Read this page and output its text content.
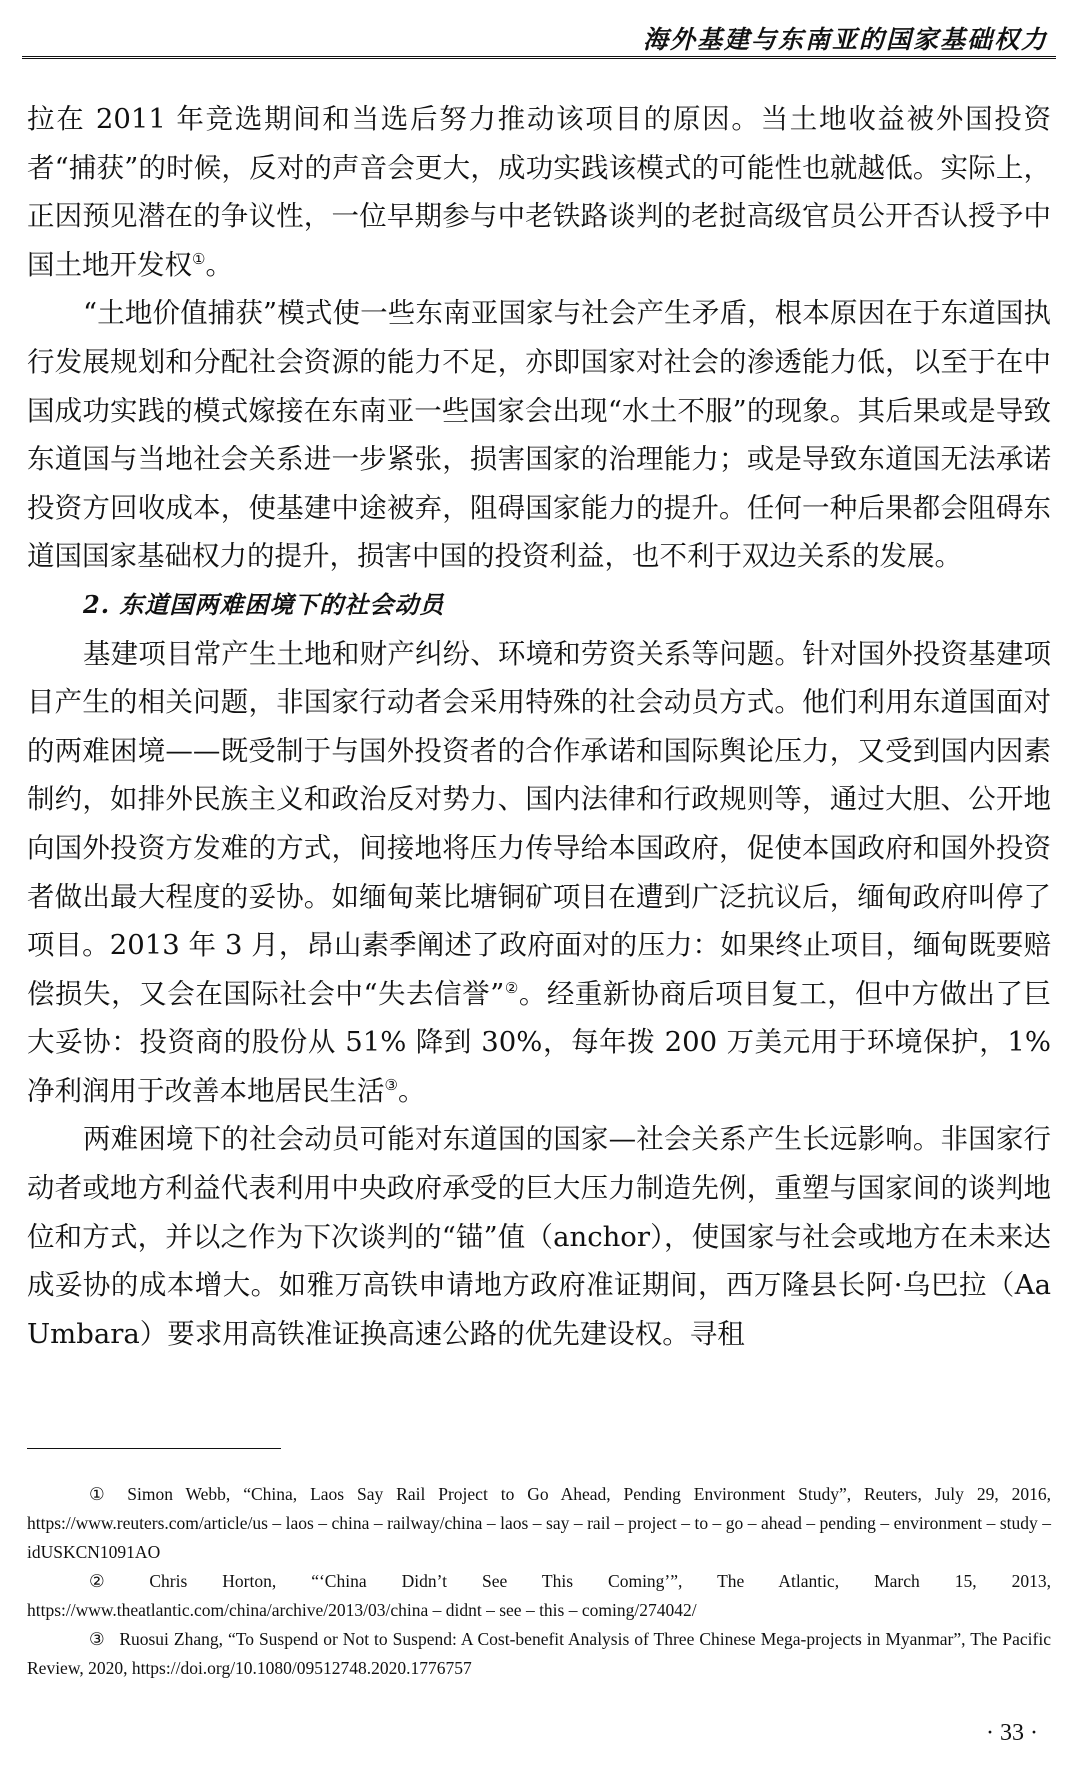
海外基建与东南亚的国家基础权力

拉在 2011 年竞选期间和当选后努力推动该项目的原因。当土地收益被外国投资者“捕获”的时候，反对的声音会更大，成功实践该模式的可能性也就越低。实际上，正因预见潜在的争议性，一位早期参与中老铁路谈判的老挝高级官员公开否认授予中国土地开发权①。

“土地价值捕获”模式使一些东南亚国家与社会产生矛盾，根本原因在于东道国执行发展规划和分配社会资源的能力不足，亦即国家对社会的渗透能力低，以至于在中国成功实践的模式嫁接在东南亚一些国家会出现“水土不服”的现象。其后果或是导致东道国与当地社会关系进一步紧张，损害国家的治理能力；或是导致东道国无法承诺投资方回收成本，使基建中途被弃，阻碍国家能力的提升。任何一种后果都会阻碍东道国国家基础权力的提升，损害中国的投资利益，也不利于双边关系的发展。

2. 东道国两难困境下的社会动员

基建项目常产生土地和财产纠纷、环境和劳资关系等问题。针对国外投资基建项目产生的相关问题，非国家行动者会采用特殊的社会动员方式。他们利用东道国面对的两难困境——既受制于与国外投资者的合作承诺和国际舆论压力，又受到国内因素制约，如排外民族主义和政治反对势力、国内法律和行政规则等，通过大胆、公开地向国外投资方发难的方式，间接地将压力传导给本国政府，促使本国政府和国外投资者做出最大程度的妥协。如缅甸莱比塘铜矿项目在遭到广泛抗议后，缅甸政府叫停了项目。2013 年 3 月，昂山素季阐述了政府面对的压力：如果终止项目，缅甸既要赔偿损失，又会在国际社会中“失去信誉”②。经重新协商后项目复工，但中方做出了巨大妥协：投资商的股份从 51% 降到 30%，每年拨 200 万美元用于环境保护，1% 净利润用于改善本地居民生活③。

两难困境下的社会动员可能对东道国的国家—社会关系产生长远影响。非国家行动者或地方利益代表利用中央政府承受的巨大压力制造先例，重塑与国家间的谈判地位和方式，并以之作为下次谈判的“锚”值（anchor），使国家与社会或地方在未来达成妥协的成本增大。如雅万高铁申请地方政府准证期间，西万隆县长阿·乌巴拉（Aa Umbara）要求用高铁准证换高速公路的优先建设权。寻租

① Simon Webb, “China, Laos Say Rail Project to Go Ahead, Pending Environment Study”, Reuters, July 29, 2016, https://www.reuters.com/article/us – laos – china – railway/china – laos – say – rail – project – to – go – ahead – pending – environment – study – idUSKCN1091AO

② Chris Horton, “‘China Didn’t See This Coming’”, The Atlantic, March 15, 2013, https://www.theatlantic.com/china/archive/2013/03/china – didnt – see – this – coming/274042/

③ Ruosui Zhang, “To Suspend or Not to Suspend: A Cost-benefit Analysis of Three Chinese Mega-projects in Myanmar”, The Pacific Review, 2020, https://doi.org/10.1080/09512748.2020.1776757

· 33 ·
